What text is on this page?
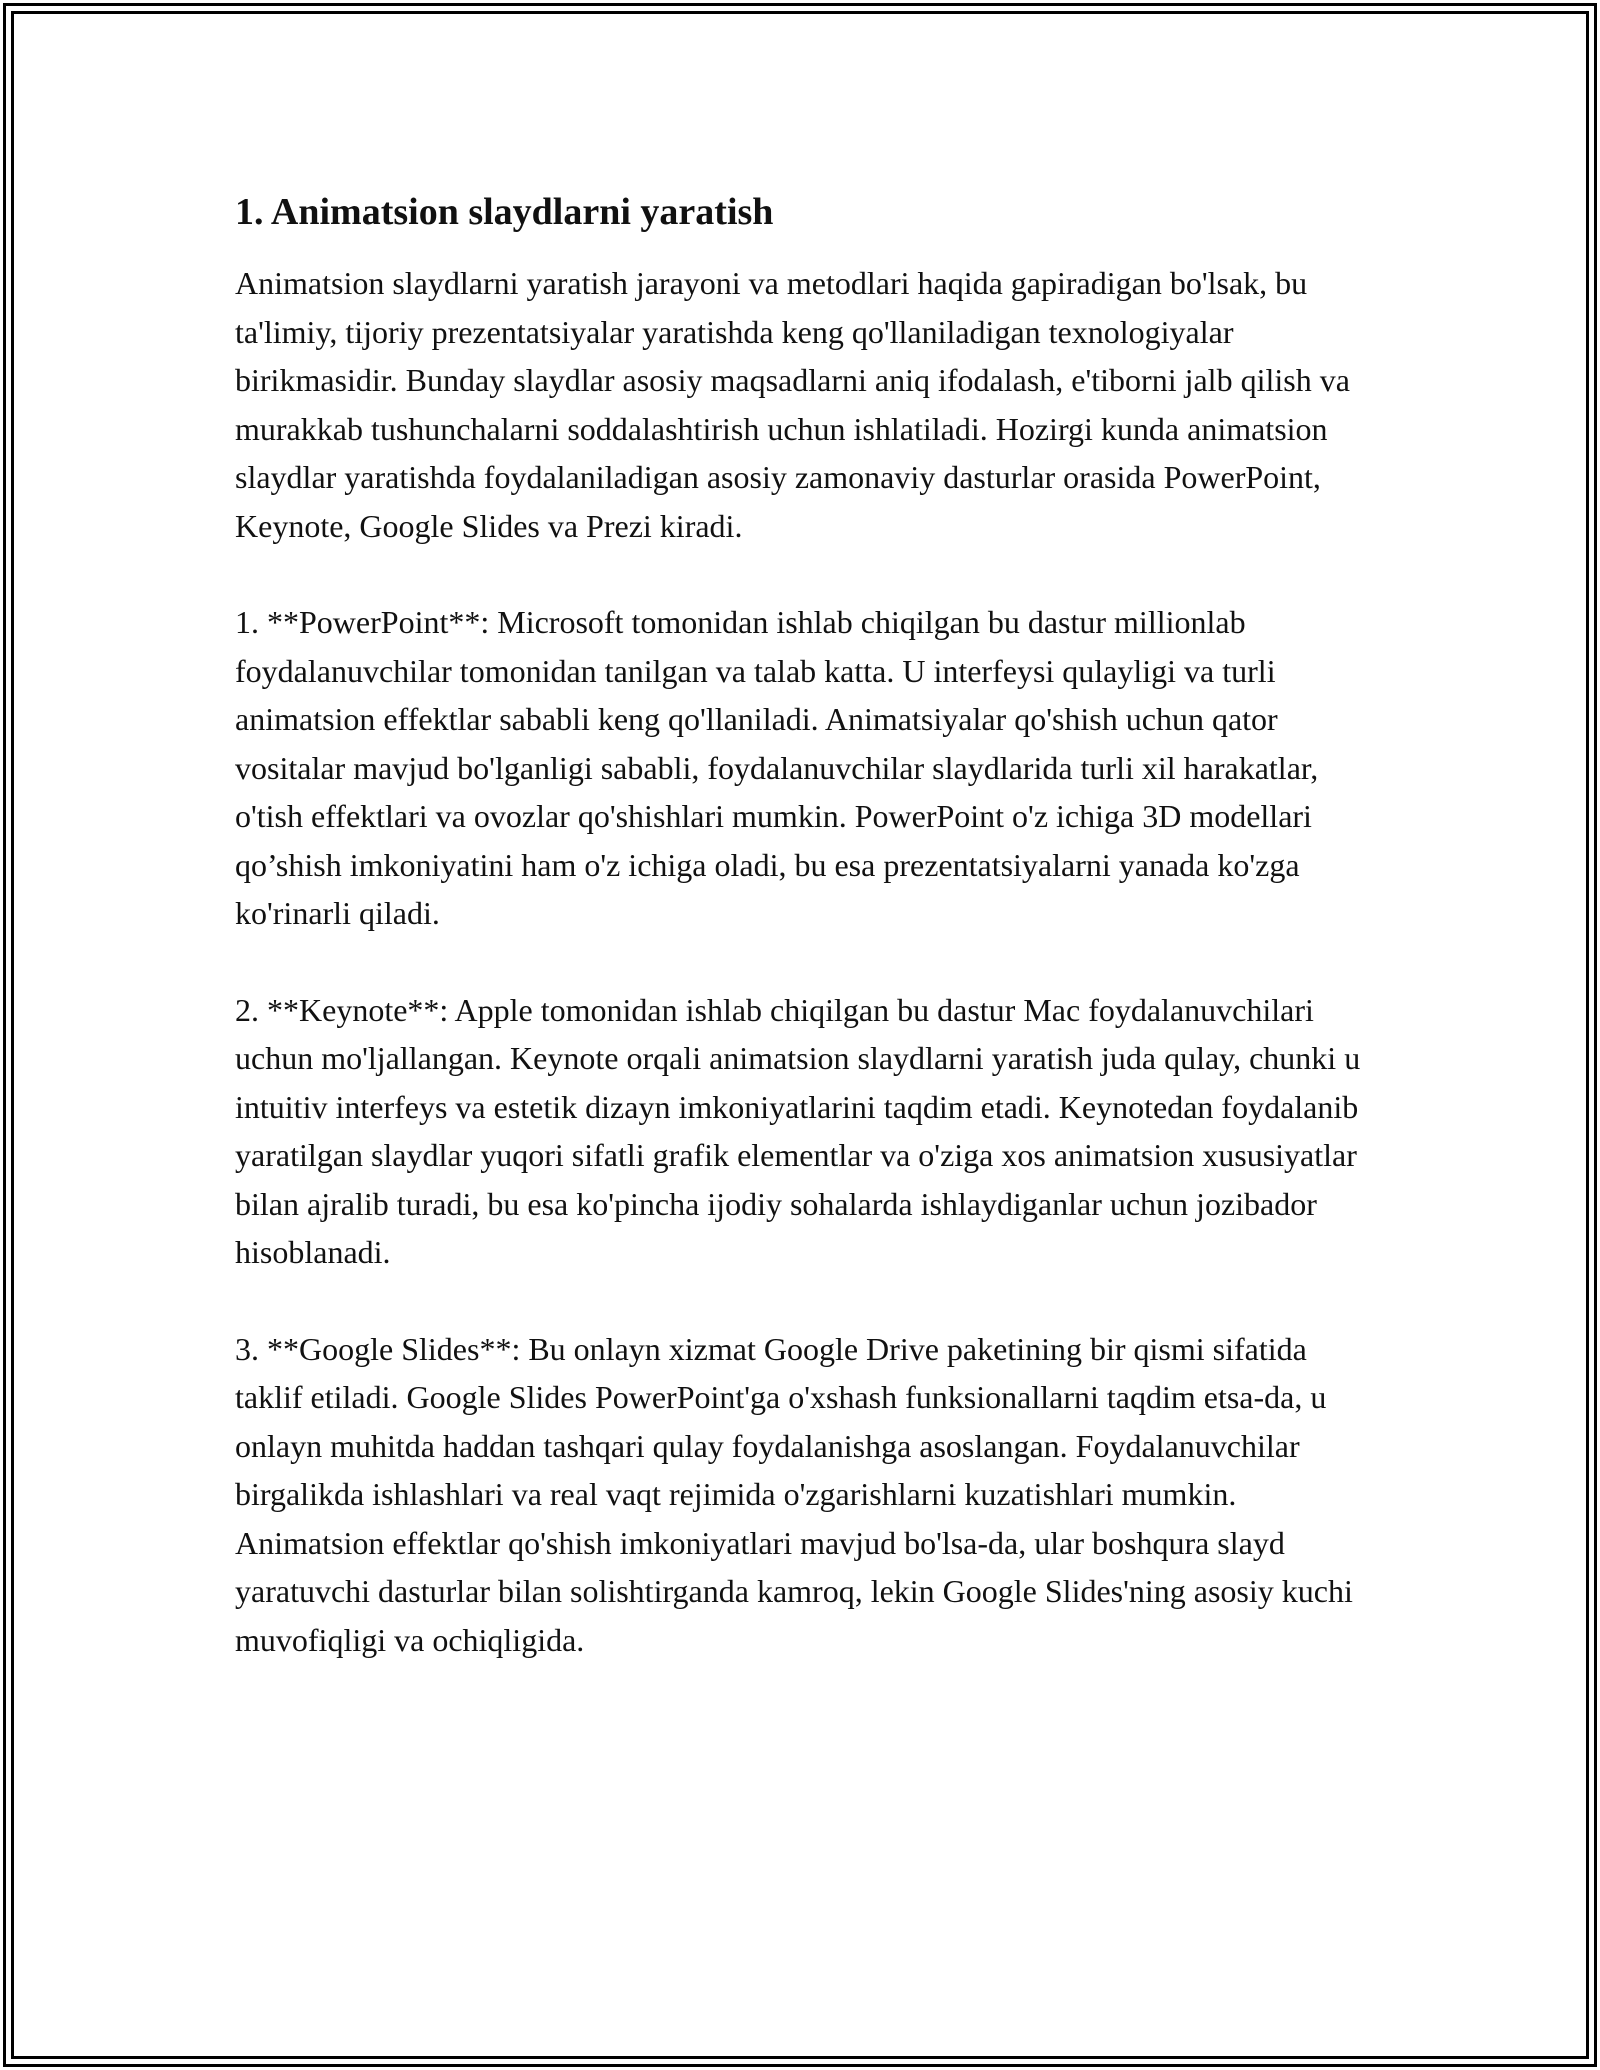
1. Animatsion slaydlarni yaratish

Animatsion slaydlarni yaratish jarayoni va metodlari haqida gapiradigan bo'lsak, bu ta'limiy, tijoriy prezentatsiyalar yaratishda keng qo'llaniladigan texnologiyalar birikmasidir. Bunday slaydlar asosiy maqsadlarni aniq ifodalash, e'tiborni jalb qilish va murakkab tushunchalarni soddalashtirish uchun ishlatiladi. Hozirgi kunda animatsion slaydlar yaratishda foydalaniladigan asosiy zamonaviy dasturlar orasida PowerPoint, Keynote, Google Slides va Prezi kiradi.

1. **PowerPoint**: Microsoft tomonidan ishlab chiqilgan bu dastur millionlab foydalanuvchilar tomonidan tanilgan va talab katta. U interfeysi qulayligi va turli animatsion effektlar sababli keng qo'llaniladi. Animatsiyalar qo'shish uchun qator vositalar mavjud bo'lganligi sababli, foydalanuvchilar slaydlarida turli xil harakatlar, o'tish effektlari va ovozlar qo'shishlari mumkin. PowerPoint o'z ichiga 3D modellari qo’shish imkoniyatini ham o'z ichiga oladi, bu esa prezentatsiyalarni yanada ko'zga ko'rinarli qiladi.

2. **Keynote**: Apple tomonidan ishlab chiqilgan bu dastur Mac foydalanuvchilari uchun mo'ljallangan. Keynote orqali animatsion slaydlarni yaratish juda qulay, chunki u intuitiv interfeys va estetik dizayn imkoniyatlarini taqdim etadi. Keynotedan foydalanib yaratilgan slaydlar yuqori sifatli grafik elementlar va o'ziga xos animatsion xususiyatlar bilan ajralib turadi, bu esa ko'pincha ijodiy sohalarda ishlaydiganlar uchun jozibador hisoblanadi.

3. **Google Slides**: Bu onlayn xizmat Google Drive paketining bir qismi sifatida taklif etiladi. Google Slides PowerPoint'ga o'xshash funksionallarni taqdim etsa-da, u onlayn muhitda haddan tashqari qulay foydalanishga asoslangan. Foydalanuvchilar birgalikda ishlashlari va real vaqt rejimida o'zgarishlarni kuzatishlari mumkin. Animatsion effektlar qo'shish imkoniyatlari mavjud bo'lsa-da, ular boshqura slayd yaratuvchi dasturlar bilan solishtirganda kamroq, lekin Google Slides'ning asosiy kuchi muvofiqligi va ochiqligida.
